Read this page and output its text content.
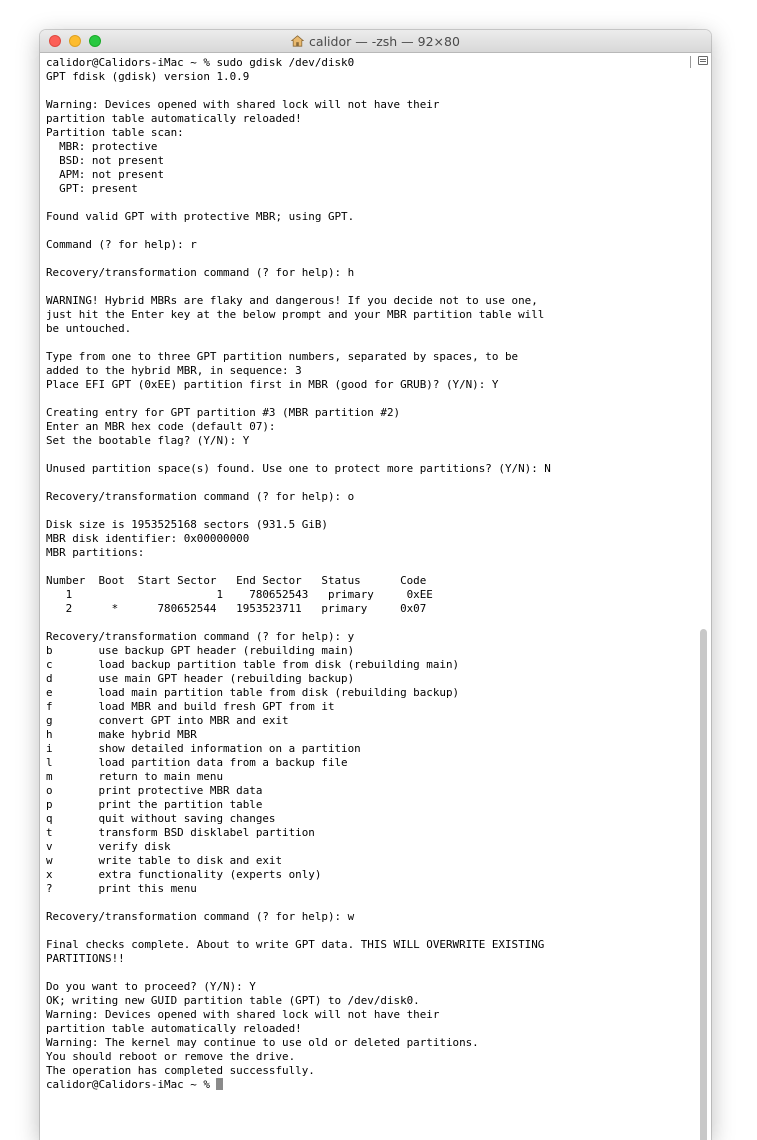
calidor — -zsh — 92×80
calidor@Calidors-iMac ~ % sudo gdisk /dev/disk0
GPT fdisk (gdisk) version 1.0.9
Warning: Devices opened with shared lock will not have their
partition table automatically reloaded!
Partition table scan:
MBR: protective
BSD: not present
APM: not present
GPT: present
Found valid GPT with protective MBR; using GPT.
Command (? for help): r
Recovery/transformation command (? for help): h
WARNING! Hybrid MBRs are flaky and dangerous! If you decide not to use one,
just hit the Enter key at the below prompt and your MBR partition table will
be untouched.
Type from one to three GPT partition numbers, separated by spaces, to be
added to the hybrid MBR, in sequence: 3
Place EFI GPT (0xEE) partition first in MBR (good for GRUB)? (Y/N): Y
Creating entry for GPT partition #3 (MBR partition #2)
Enter an MBR hex code (default 07):
Set the bootable flag? (Y/N): Y
Unused partition space(s) found. Use one to protect more partitions? (Y/N): N
Recovery/transformation command (? for help): o
Disk size is 1953525168 sectors (931.5 GiB)
MBR disk identifier: 0x00000000
MBR partitions:
Number  Boot  Start Sector   End Sector   Status      Code
1                      1    780652543   primary     0xEE
2      *      780652544   1953523711   primary     0x07
Recovery/transformation command (? for help): y
b       use backup GPT header (rebuilding main)
c       load backup partition table from disk (rebuilding main)
d       use main GPT header (rebuilding backup)
e       load main partition table from disk (rebuilding backup)
f       load MBR and build fresh GPT from it
g       convert GPT into MBR and exit
h       make hybrid MBR
i       show detailed information on a partition
l       load partition data from a backup file
m       return to main menu
o       print protective MBR data
p       print the partition table
q       quit without saving changes
t       transform BSD disklabel partition
v       verify disk
w       write table to disk and exit
x       extra functionality (experts only)
?       print this menu
Recovery/transformation command (? for help): w
Final checks complete. About to write GPT data. THIS WILL OVERWRITE EXISTING
PARTITIONS!!
Do you want to proceed? (Y/N): Y
OK; writing new GUID partition table (GPT) to /dev/disk0.
Warning: Devices opened with shared lock will not have their
partition table automatically reloaded!
Warning: The kernel may continue to use old or deleted partitions.
You should reboot or remove the drive.
The operation has completed successfully.
calidor@Calidors-iMac ~ %
